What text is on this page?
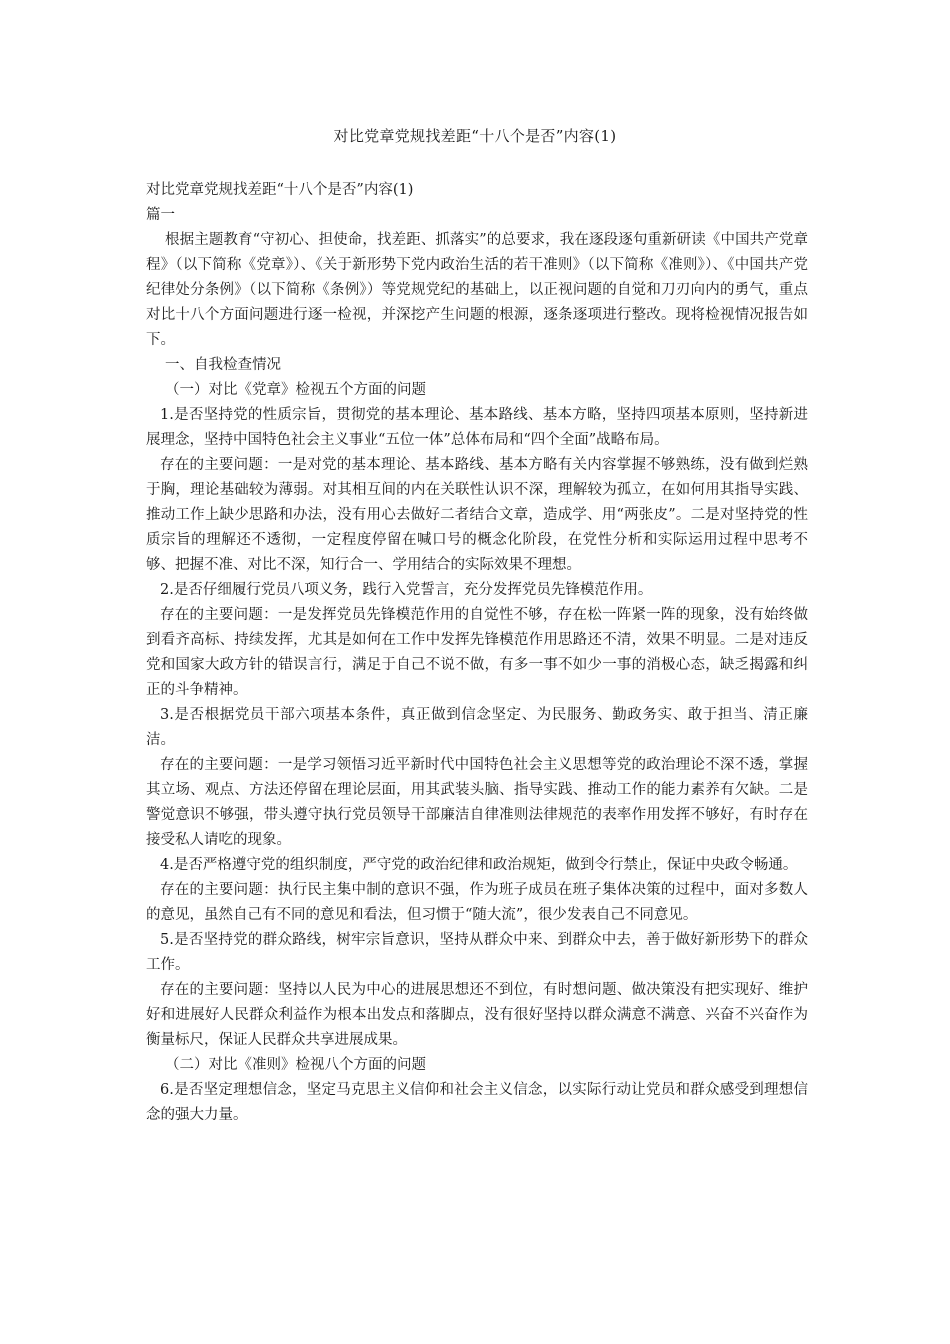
对比党章党规找差距“十八个是否”内容(1)

对比党章党规找差距“十八个是否”内容(1)

篇一

根据主题教育“守初心、担使命，找差距、抓落实”的总要求，我在逐段逐句重新研读《中国共产党章程》（以下简称《党章》）、《关于新形势下党内政治生活的若干准则》（以下简称《准则》）、《中国共产党纪律处分条例》（以下简称《条例》）等党规党纪的基础上，以正视问题的自觉和刀刃向内的勇气，重点对比十八个方面问题进行逐一检视，并深挖产生问题的根源，逐条逐项进行整改。现将检视情况报告如下。

一、自我检查情况

（一）对比《党章》检视五个方面的问题

1.是否坚持党的性质宗旨，贯彻党的基本理论、基本路线、基本方略，坚持四项基本原则，坚持新进展理念，坚持中国特色社会主义事业“五位一体”总体布局和“四个全面”战略布局。

存在的主要问题：一是对党的基本理论、基本路线、基本方略有关内容掌握不够熟练，没有做到烂熟于胸，理论基础较为薄弱。对其相互间的内在关联性认识不深，理解较为孤立，在如何用其指导实践、推动工作上缺少思路和办法，没有用心去做好二者结合文章，造成学、用“两张皮”。二是对坚持党的性质宗旨的理解还不透彻，一定程度停留在喊口号的概念化阶段，在党性分析和实际运用过程中思考不够、把握不准、对比不深，知行合一、学用结合的实际效果不理想。

2.是否仔细履行党员八项义务，践行入党誓言，充分发挥党员先锋模范作用。

存在的主要问题：一是发挥党员先锋模范作用的自觉性不够，存在松一阵紧一阵的现象，没有始终做到看齐高标、持续发挥，尤其是如何在工作中发挥先锋模范作用思路还不清，效果不明显。二是对违反党和国家大政方针的错误言行，满足于自己不说不做，有多一事不如少一事的消极心态，缺乏揭露和纠正的斗争精神。

3.是否根据党员干部六项基本条件，真正做到信念坚定、为民服务、勤政务实、敢于担当、清正廉洁。

存在的主要问题：一是学习领悟习近平新时代中国特色社会主义思想等党的政治理论不深不透，掌握其立场、观点、方法还停留在理论层面，用其武装头脑、指导实践、推动工作的能力素养有欠缺。二是警觉意识不够强，带头遵守执行党员领导干部廉洁自律准则法律规范的表率作用发挥不够好，有时存在接受私人请吃的现象。

4.是否严格遵守党的组织制度，严守党的政治纪律和政治规矩，做到令行禁止，保证中央政令畅通。

存在的主要问题：执行民主集中制的意识不强，作为班子成员在班子集体决策的过程中，面对多数人的意见，虽然自己有不同的意见和看法，但习惯于“随大流”，很少发表自己不同意见。

5.是否坚持党的群众路线，树牢宗旨意识，坚持从群众中来、到群众中去，善于做好新形势下的群众工作。

存在的主要问题：坚持以人民为中心的进展思想还不到位，有时想问题、做决策没有把实现好、维护好和进展好人民群众利益作为根本出发点和落脚点，没有很好坚持以群众满意不满意、兴奋不兴奋作为衡量标尺，保证人民群众共享进展成果。

（二）对比《准则》检视八个方面的问题

6.是否坚定理想信念，坚定马克思主义信仰和社会主义信念，以实际行动让党员和群众感受到理想信念的强大力量。
